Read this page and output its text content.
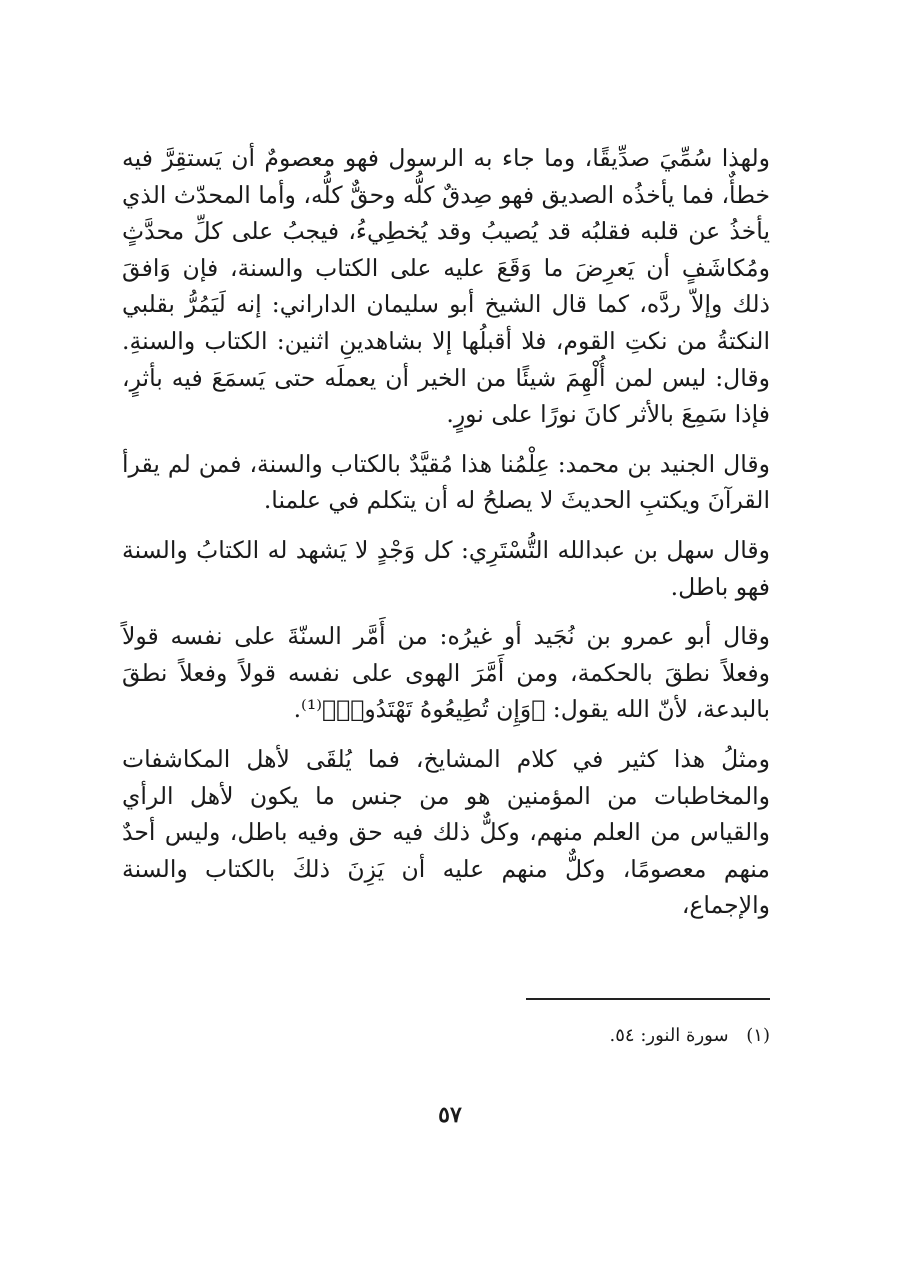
ولهذا سُمِّيَ صدِّيقًا، وما جاء به الرسول فهو معصومٌ أن يَستقِرَّ فيه خطأٌ، فما يأخذُه الصديق فهو صِدقٌ كلُّه وحقٌّ كلُّه، وأما المحدّث الذي يأخذُ عن قلبه فقلبُه قد يُصيبُ وقد يُخطِيءُ، فيجبُ على كلِّ محدَّثٍ ومُكاشَفٍ أن يَعرِضَ ما وَقَعَ عليه على الكتاب والسنة، فإن وَافقَ ذلك وإلاّ ردَّه، كما قال الشيخ أبو سليمان الداراني: إنه لَيَمُرُّ بقلبي النكتةُ من نكتِ القوم، فلا أقبلُها إلا بشاهدينِ اثنين: الكتاب والسنةِ. وقال: ليس لمن أُلْهِمَ شيئًا من الخير أن يعملَه حتى يَسمَعَ فيه بأثرٍ، فإذا سَمِعَ بالأثر كانَ نورًا على نورٍ.

وقال الجنيد بن محمد: عِلْمُنا هذا مُقيَّدٌ بالكتاب والسنة، فمن لم يقرأ القرآنَ ويكتبِ الحديثَ لا يصلحُ له أن يتكلم في علمنا.

وقال سهل بن عبدالله التُّسْتَرِي: كل وَجْدٍ لا يَشهد له الكتابُ والسنة فهو باطل.

وقال أبو عمرو بن نُجَيد أو غيرُه: من أَمَّر السنّةَ على نفسه قولاً وفعلاً نطقَ بالحكمة، ومن أَمَّرَ الهوى على نفسه قولاً وفعلاً نطقَ بالبدعة، لأنّ الله يقول: ﴿وَإِن تُطِيعُوهُ تَهْتَدُوا۟﴾⁽¹⁾.

ومثلُ هذا كثير في كلام المشايخ، فما يُلقَى لأهل المكاشفات والمخاطبات من المؤمنين هو من جنس ما يكون لأهل الرأي والقياس من العلم منهم، وكلٌّ ذلك فيه حق وفيه باطل، وليس أحدٌ منهم معصومًا، وكلٌّ منهم عليه أن يَزِنَ ذلكَ بالكتاب والسنة والإجماع،

(١) سورة النور: ٥٤.
٥٧
